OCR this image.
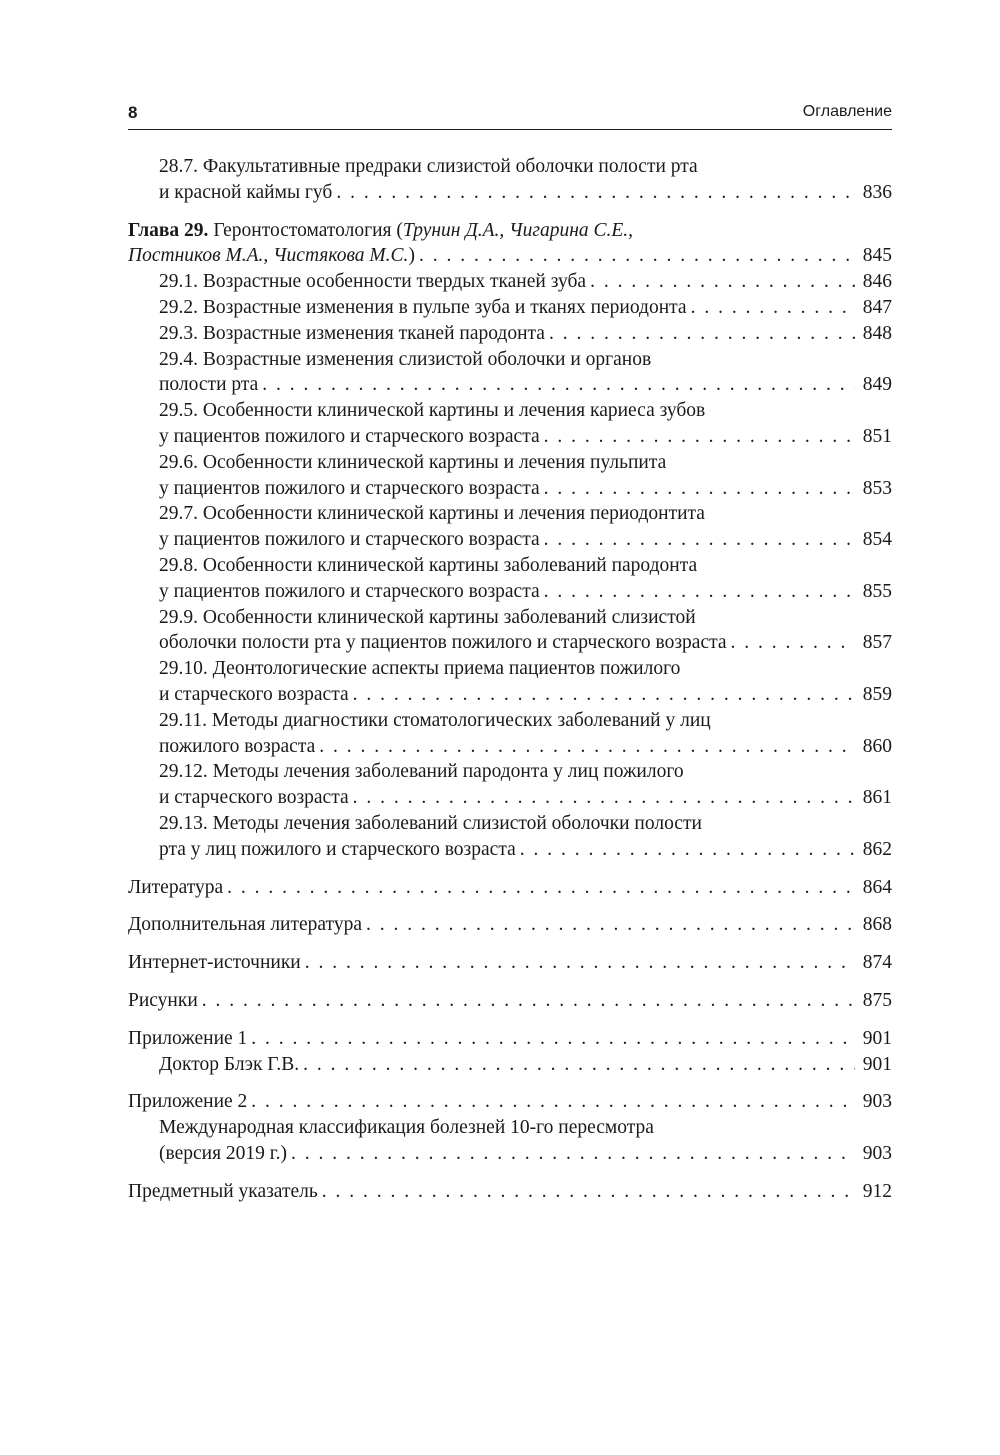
8	Оглавление
28.7. Факультативные предраки слизистой оболочки полости рта
и красной каймы губ . . .	836
Глава 29. Геронтостоматология (Трунин Д.А., Чигарина С.Е.,
Постников М.А., Чистякова М.С.) . . .	845
29.1. Возрастные особенности твердых тканей зуба . . .	846
29.2. Возрастные изменения в пульпе зуба и тканях периодонта . . .	847
29.3. Возрастные изменения тканей пародонта . . .	848
29.4. Возрастные изменения слизистой оболочки и органов
полости рта . . .	849
29.5. Особенности клинической картины и лечения кариеса зубов
у пациентов пожилого и старческого возраста . . .	851
29.6. Особенности клинической картины и лечения пульпита
у пациентов пожилого и старческого возраста . . .	853
29.7. Особенности клинической картины и лечения периодонтита
у пациентов пожилого и старческого возраста . . .	854
29.8. Особенности клинической картины заболеваний пародонта
у пациентов пожилого и старческого возраста . . .	855
29.9. Особенности клинической картины заболеваний слизистой
оболочки полости рта у пациентов пожилого и старческого возраста . . .	857
29.10. Деонтологические аспекты приема пациентов пожилого
и старческого возраста . . .	859
29.11. Методы диагностики стоматологических заболеваний у лиц
пожилого возраста . . .	860
29.12. Методы лечения заболеваний пародонта у лиц пожилого
и старческого возраста . . .	861
29.13. Методы лечения заболеваний слизистой оболочки полости
рта у лиц пожилого и старческого возраста . . .	862
Литература . . .	864
Дополнительная литература . . .	868
Интернет-источники . . .	874
Рисунки . . .	875
Приложение 1 . . .	901
Доктор Блэк Г.В. . . .	901
Приложение 2 . . .	903
Международная классификация болезней 10-го пересмотра
(версия 2019 г.) . . .	903
Предметный указатель . . .	912
